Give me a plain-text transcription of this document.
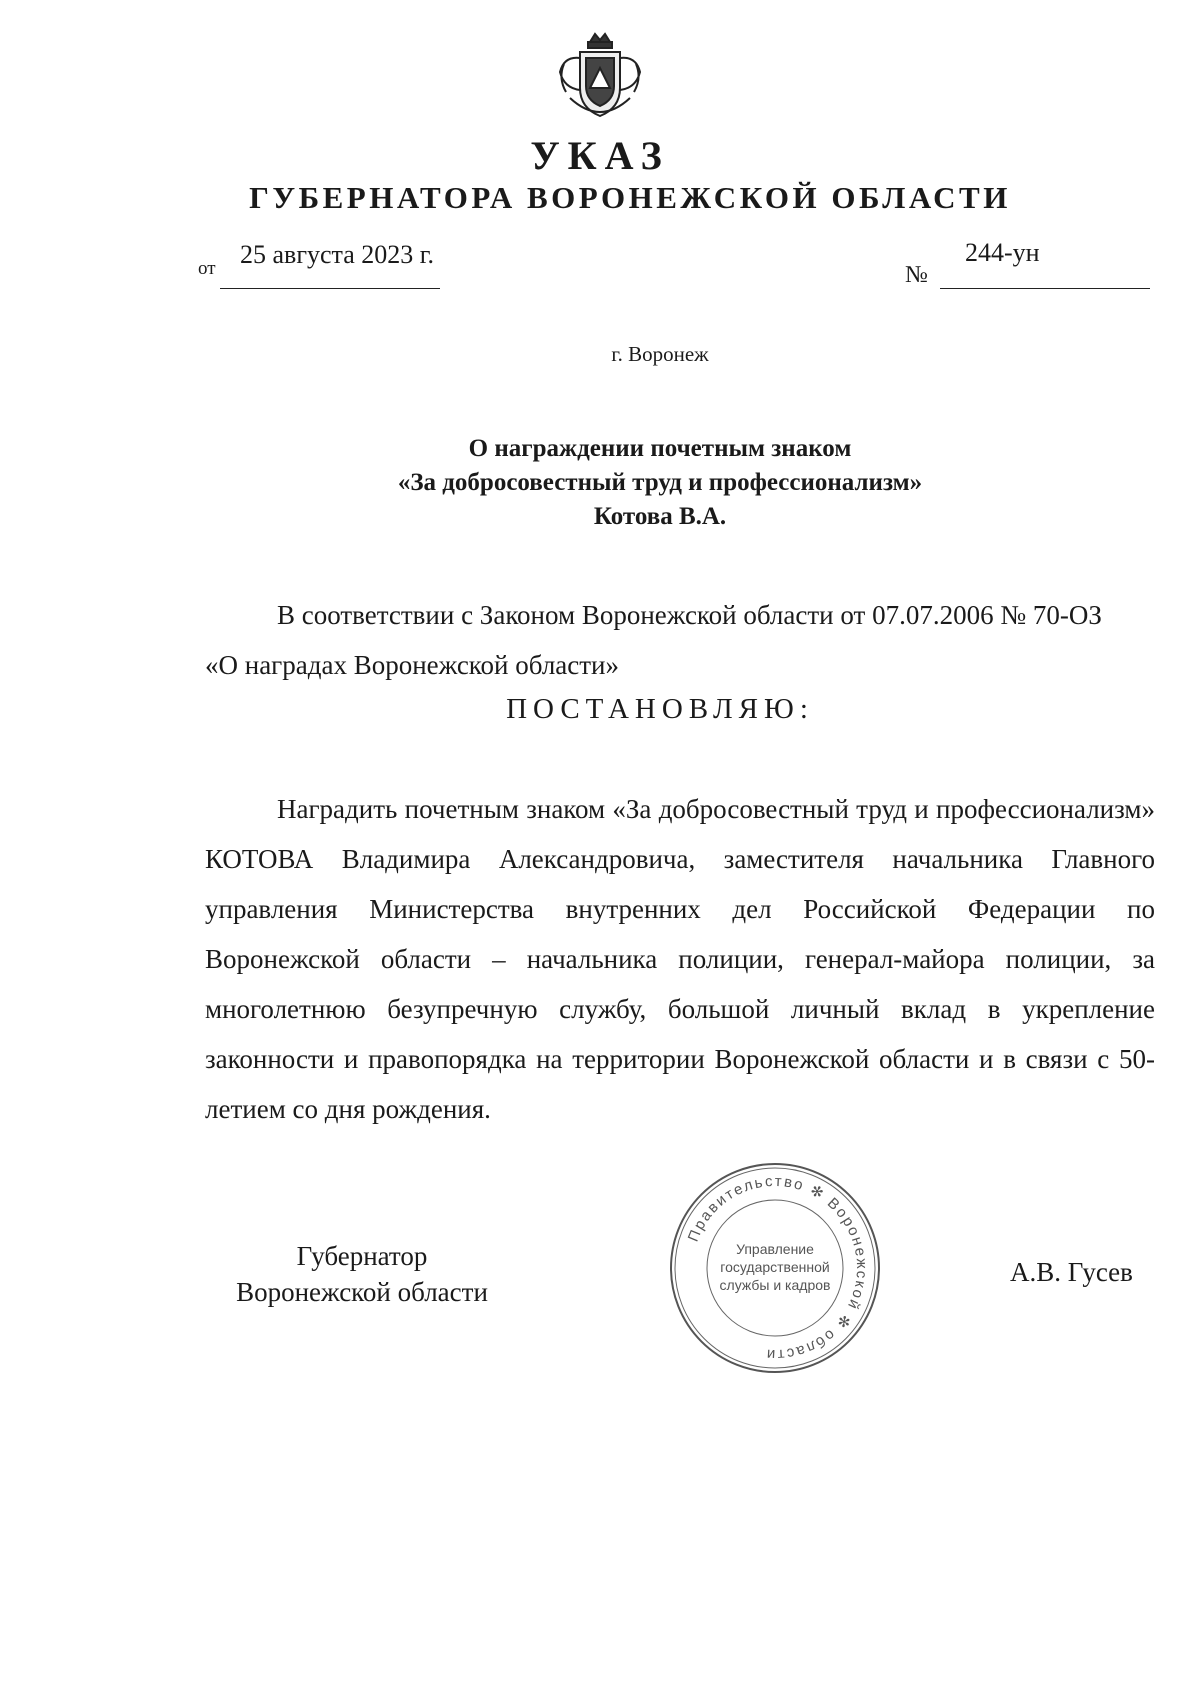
УКАЗ
ГУБЕРНАТОРА ВОРОНЕЖСКОЙ ОБЛАСТИ
от 25 августа 2023 г.
№
244-ун
г. Воронеж
О награждении почетным знаком
«За добросовестный труд и профессионализм»
Котова В.А.
В соответствии с Законом Воронежской области от 07.07.2006 № 70-ОЗ
«О наградах Воронежской области»
ПОСТАНОВЛЯЮ:
Наградить почетным знаком «За добросовестный труд и профессионализм» КОТОВА Владимира Александровича, заместителя начальника Главного управления Министерства внутренних дел Российской Федерации по Воронежской области – начальника полиции, генерал-майора полиции, за многолетнюю безупречную службу, большой личный вклад в укрепление законности и правопорядка на территории Воронежской области и в связи с 50-летием со дня рождения.
Губернатор
Воронежской области
Правительство ✻ Воронежской ✻ области
Управление
государственной
службы и кадров	А.В. Гусев
